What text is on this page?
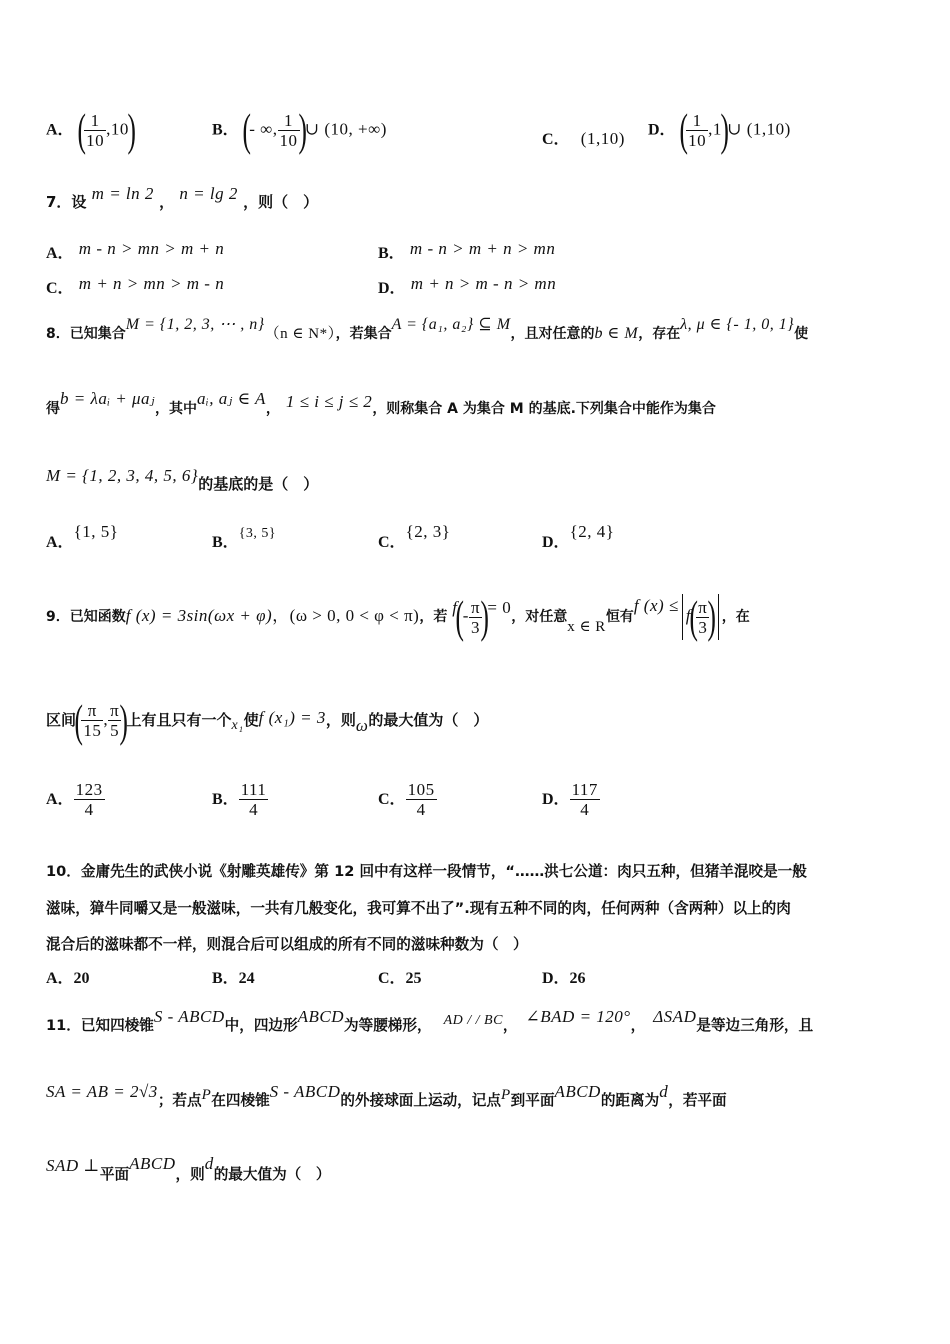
A． (
$\frac{1}{10} ,10$)	B． (- ∞, $\frac{1}{10}$
)∪ (10, +∞)
C． (1,10) D． (
$\frac{1}{10}$ ,1)∪ (1,10)
7．设 m = ln 2 ， n = lg 2 ，则（　）
A． m - n > mn > m + n	B． m - n > m + n > mn
C． m + n > mn > m - n	D． m + n > m - n > mn
8．已知集合M = {1, 2, 3, ⋯ , n}（n ∈ N*），若集合A = {a₁, a₂} ⊆ M，且对任意的b ∈ M，存在λ, μ ∈ {- 1, 0, 1}使
得b = λaᵢ + μaⱼ，其中aᵢ, aⱼ ∈ A， 1 ≤ i ≤ j ≤ 2，则称集合 A 为集合 M 的基底.下列集合中能作为集合
M = {1, 2, 3, 4, 5, 6}的基底的是（　）
A．{1, 5}
B．{3, 5}
C．{2, 3}
D．{2, 4}
9．已知函数f (x) = 3sin(ωx + φ)，(ω > 0, 0 < φ < π)，若 $f(- \frac{\pi}{3}$
)= 0，对任意x ∈ R恒有f (x) ≤f(
$\frac{\pi}{3}$
) ，在
区间(
$\frac{\pi}{15}$ , $\frac{\pi}{5}$
)上有且只有一个x₁使f (x₁) = 3，则ω的最大值为（　）
A． $\frac{123}{4}$	B． $\frac{111}{4}$	C． $\frac{105}{4}$	D． $\frac{117}{4}$
10．金庸先生的武侠小说《射雕英雄传》第 12 回中有这样一段情节，“……洪七公道：肉只五种，但猪羊混咬是一般
滋味，獐牛同嚼又是一般滋味，一共有几般变化，我可算不出了”.现有五种不同的肉，任何两种（含两种）以上的肉
混合后的滋味都不一样，则混合后可以组成的所有不同的滋味种数为（　）
A．20	B．24	C．25	D．26
11．已知四棱锥S - ABCD中，四边形ABCD为等腰梯形， AD / / BC， ∠BAD = 120°， ΔSAD是等边三角形，且
SA = AB = 2√3；若点P在四棱锥S - ABCD的外接球面上运动，记点P到平面ABCD的距离为d，若平面
SAD ⊥平面ABCD，则d的最大值为（　）
